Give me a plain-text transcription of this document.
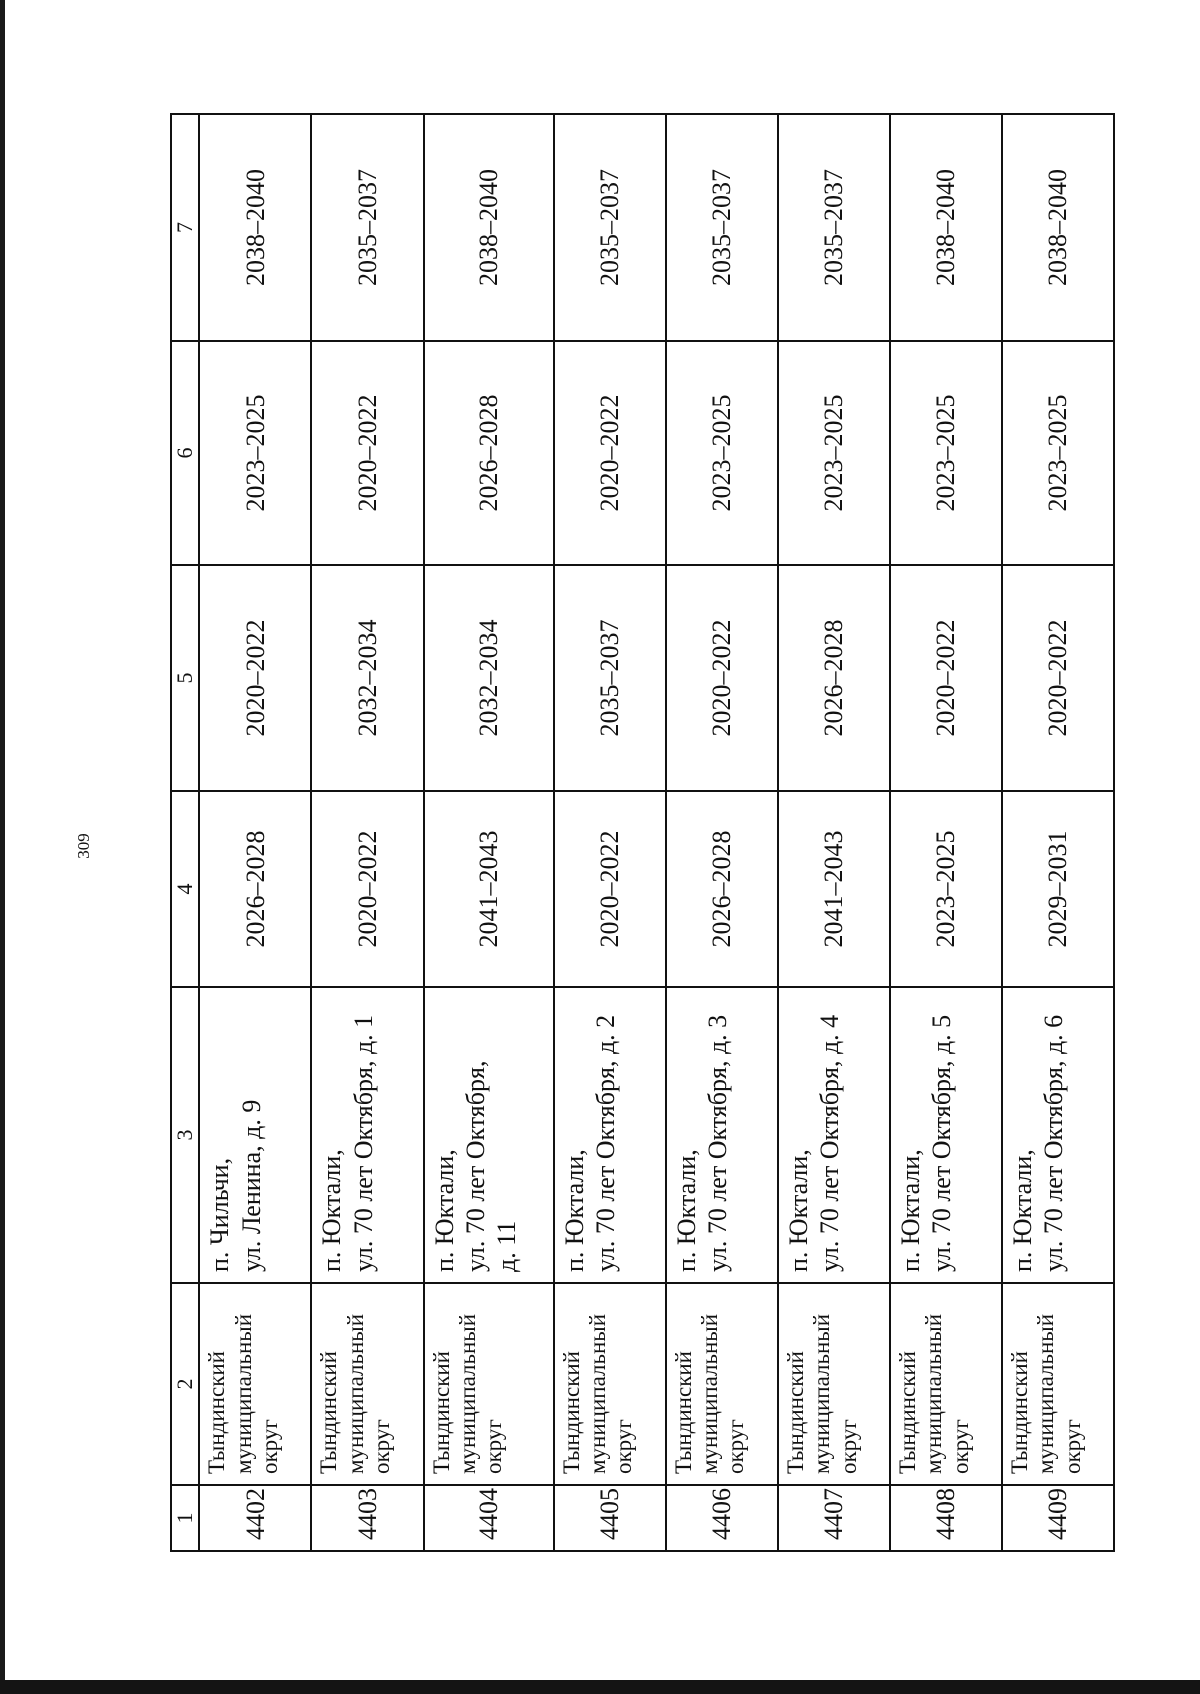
309
1	2	3	4	5	6	7
4402	Тындинский муниципальный округ	п. Чильчи, ул. Ленина, д. 9	2026–2028	2020–2022	2023–2025	2038–2040
4403	Тындинский муниципальный округ	п. Юктали, ул. 70 лет Октября, д. 1	2020–2022	2032–2034	2020–2022	2035–2037
4404	Тындинский муниципальный округ	п. Юктали, ул. 70 лет Октября, д. 11	2041–2043	2032–2034	2026–2028	2038–2040
4405	Тындинский муниципальный округ	п. Юктали, ул. 70 лет Октября, д. 2	2020–2022	2035–2037	2020–2022	2035–2037
4406	Тындинский муниципальный округ	п. Юктали, ул. 70 лет Октября, д. 3	2026–2028	2020–2022	2023–2025	2035–2037
4407	Тындинский муниципальный округ	п. Юктали, ул. 70 лет Октября, д. 4	2041–2043	2026–2028	2023–2025	2035–2037
4408	Тындинский муниципальный округ	п. Юктали, ул. 70 лет Октября, д. 5	2023–2025	2020–2022	2023–2025	2038–2040
4409	Тындинский муниципальный округ	п. Юктали, ул. 70 лет Октября, д. 6	2029–2031	2020–2022	2023–2025	2038–2040
